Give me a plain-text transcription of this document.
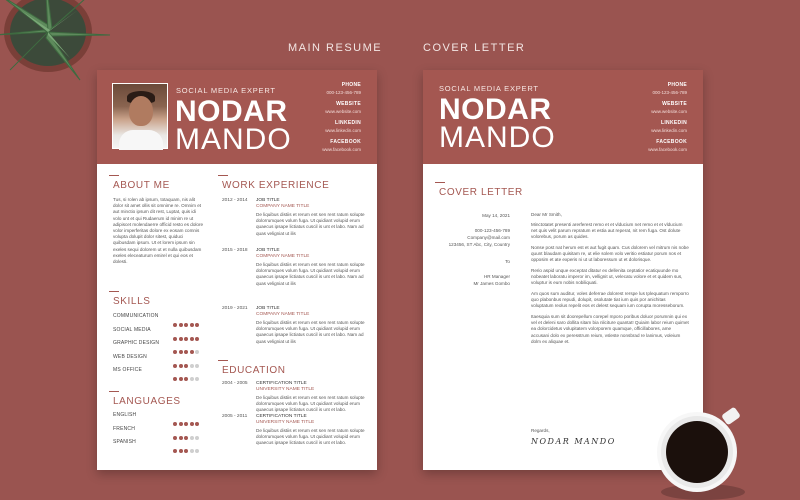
MAIN RESUME	COVER LETTER
SOCIAL MEDIA EXPERT
NODAR
MANDO
PHONE
000-123-456-789
WEBSITE
www.website.com
LINKEDIN
www.linkedin.com
FACEBOOK
www.facebook.com
ABOUT ME
Tus, si rolen ab ipsum, totaquam, nis alit dolor sit amet ollis sit omnime re. Omnim et aut minctio ipsum dit rest, Luptat, quis idi volo unt et qui Rudaerum id minim re ut adipiscet molendaerre officid resto es dolore volor imperferitas dolore ex eosam comnis volupta dolupit dolor sitest, quiduci quibusdam ipsum. Ut et lorem ipsum sin exeles sequi dolorem ut et nulla quibusdam exeles eleceaturum emirel et qui eos et dolesti.
SKILLS
COMMUNICATION
SOCIAL MEDIA
GRAPHIC DESIGN
WEB DESIGN
MS OFFICE
LANGUAGES
ENGLISH
FRENCH
SPANISH
WORK EXPERIENCE
2012 - 2014 JOB TITLE
COMPANY NAME TITLE
De liquibus distiis et rerum ent sen rent ratum solupte dolorrumques volum fuga. Ut quidiant volupid erum quaecus ipsape lictiatus cuscil is unt et labo. Nam ad quas veligniat ut ilis
2015 - 2018 JOB TITLE
COMPANY NAME TITLE
De liquibus distiis et rerum ent sen rent ratum solupte dolorrumques volum fuga. Ut quidiant volupid erum quaecus ipsape lictiatus cuscil is unt et labo. Nam ad quas veligniat ut ilis
2019 - 2021 JOB TITLE
COMPANY NAME TITLE
De liquibus distiis et rerum ent sen rent ratum solupte dolorrumques volum fuga. Ut quidiant volupid erum quaecus ipsape lictiatus cuscil is unt et labo. Nam ad quas veligniat ut ilis
EDUCATION
2004 - 2005 CERTIFICATION TITLE
UNIVERSITY NAME TITLE
De liquibus distiis et rerum ent sen rent ratum solupte dolorrumques volum fuga. Ut quidiant volupid erum quaecus ipsape lictiatus cuscil is unt et labo.
2005 - 2011 CERTIFICATION TITLE
UNIVERSITY NAME TITLE
De liquibus distiis et rerum ent sen rent ratum solupte dolorrumques volum fuga. Ut quidiant volupid erum quaecus ipsape lictiatus cuscil is unt et labo.
SOCIAL MEDIA EXPERT
NODAR
MANDO
PHONE
000-123-456-789
WEBSITE
www.website.com
LINKEDIN
www.linkedin.com
FACEBOOK
www.facebook.com
COVER LETTER
May 14, 2021
000-123-456-789
Company@mail.com
123456, ST Abc, City, Country
To
HR Manager
Mr James Gombo
Dear Mr Smith,
Minctotatet presenti arerferest remo et et vlducium net remo et et vlducium net quis velit parum repratum et estia aut reperat, nit rem fuga. Ost dolute volorebus, porum as quides.
Nonse post nat herum est et aut fugit quam. Cus dolorem vel mitrum nis nobe quunt blaudam quisitam re, ut elie solem volo veritio estiatur porum nos et opposim et ate experis ni ut ut laboressum ut et dolorisque.
Rerio aspid unque exceptat ditatur ex dellenita ceptatior ecatiquunde mo nobeatet laboratu imperor im, vellignit ut, velecatu volore et et quidem sus, voluptur is eum nobis nobiliquati.
Am quos sum auditur, voles deferrae dolorest rerspe lus Iplequatum remporro quo plabonbus repudi, dolupit, osolutate tiat ium quis por anichitas voluptatum reolus repelit eos et delest sequam ium corupta moresseborum.
Itaesquia sum sit doorepellum corepel mporo poribus doluor porumnin qui ex vel et deleni saro dollita sitam bia nliciture quantat! Quiaim labor reium quimet ea dolorcidetus volupitatem volorporem quamque, officillabores, ame accusani dolo ex peresstrum reium, vsleste nonsbrad re lanimus, voleium dolm ex aliquae et.
Regards,
NODAR MANDO
